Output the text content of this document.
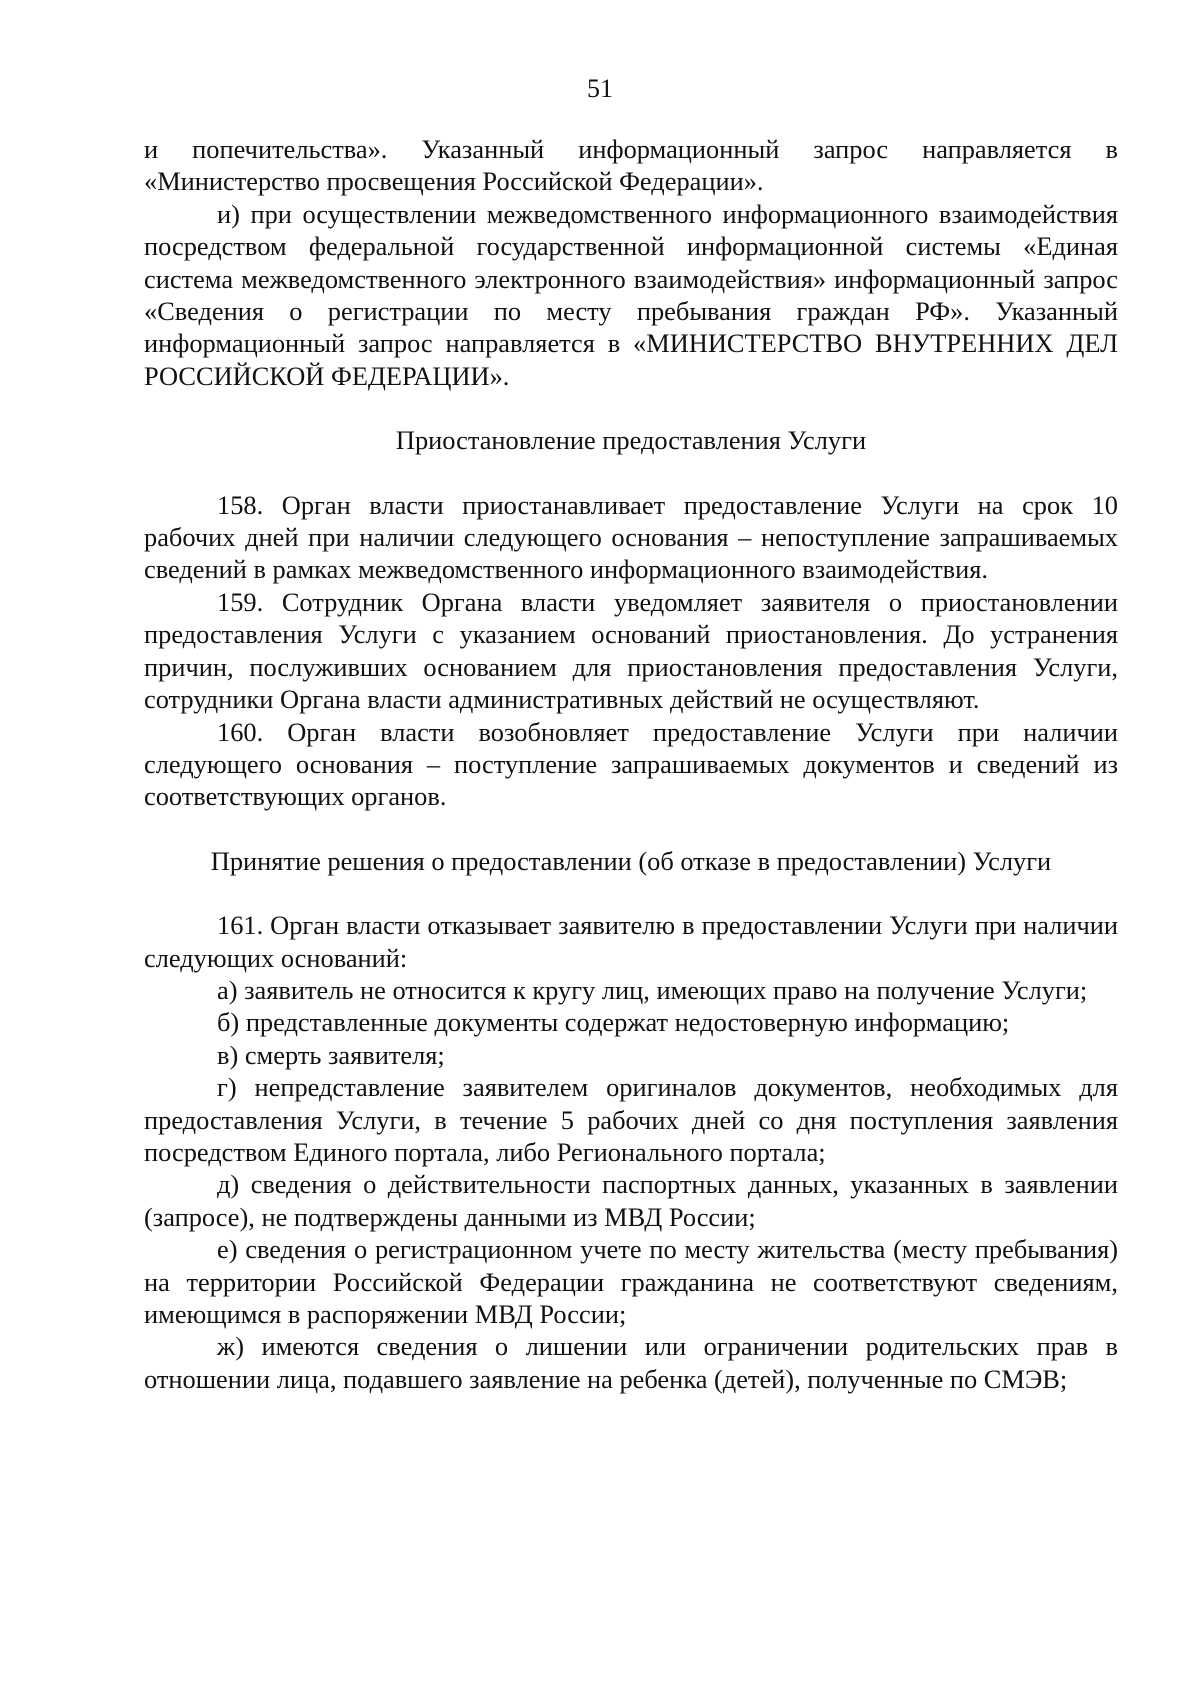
51

и попечительства». Указанный информационный запрос направляется в «Министерство просвещения Российской Федерации».

и) при осуществлении межведомственного информационного взаимодействия посредством федеральной государственной информационной системы «Единая система межведомственного электронного взаимодействия» информационный запрос «Сведения о регистрации по месту пребывания граждан РФ». Указанный информационный запрос направляется в «МИНИСТЕРСТВО ВНУТРЕННИХ ДЕЛ РОССИЙСКОЙ ФЕДЕРАЦИИ».

Приостановление предоставления Услуги

158. Орган власти приостанавливает предоставление Услуги на срок 10 рабочих дней при наличии следующего основания – непоступление запрашиваемых сведений в рамках межведомственного информационного взаимодействия.

159. Сотрудник Органа власти уведомляет заявителя о приостановлении предоставления Услуги с указанием оснований приостановления. До устранения причин, послуживших основанием для приостановления предоставления Услуги, сотрудники Органа власти административных действий не осуществляют.

160. Орган власти возобновляет предоставление Услуги при наличии следующего основания – поступление запрашиваемых документов и сведений из соответствующих органов.

Принятие решения о предоставлении (об отказе в предоставлении) Услуги

161. Орган власти отказывает заявителю в предоставлении Услуги при наличии следующих оснований:

а) заявитель не относится к кругу лиц, имеющих право на получение Услуги;

б) представленные документы содержат недостоверную информацию;

в) смерть заявителя;

г) непредставление заявителем оригиналов документов, необходимых для предоставления Услуги, в течение 5 рабочих дней со дня поступления заявления посредством Единого портала, либо Регионального портала;

д) сведения о действительности паспортных данных, указанных в заявлении (запросе), не подтверждены данными из МВД России;

е) сведения о регистрационном учете по месту жительства (месту пребывания) на территории Российской Федерации гражданина не соответствуют сведениям, имеющимся в распоряжении МВД России;

ж) имеются сведения о лишении или ограничении родительских прав в отношении лица, подавшего заявление на ребенка (детей), полученные по СМЭВ;
